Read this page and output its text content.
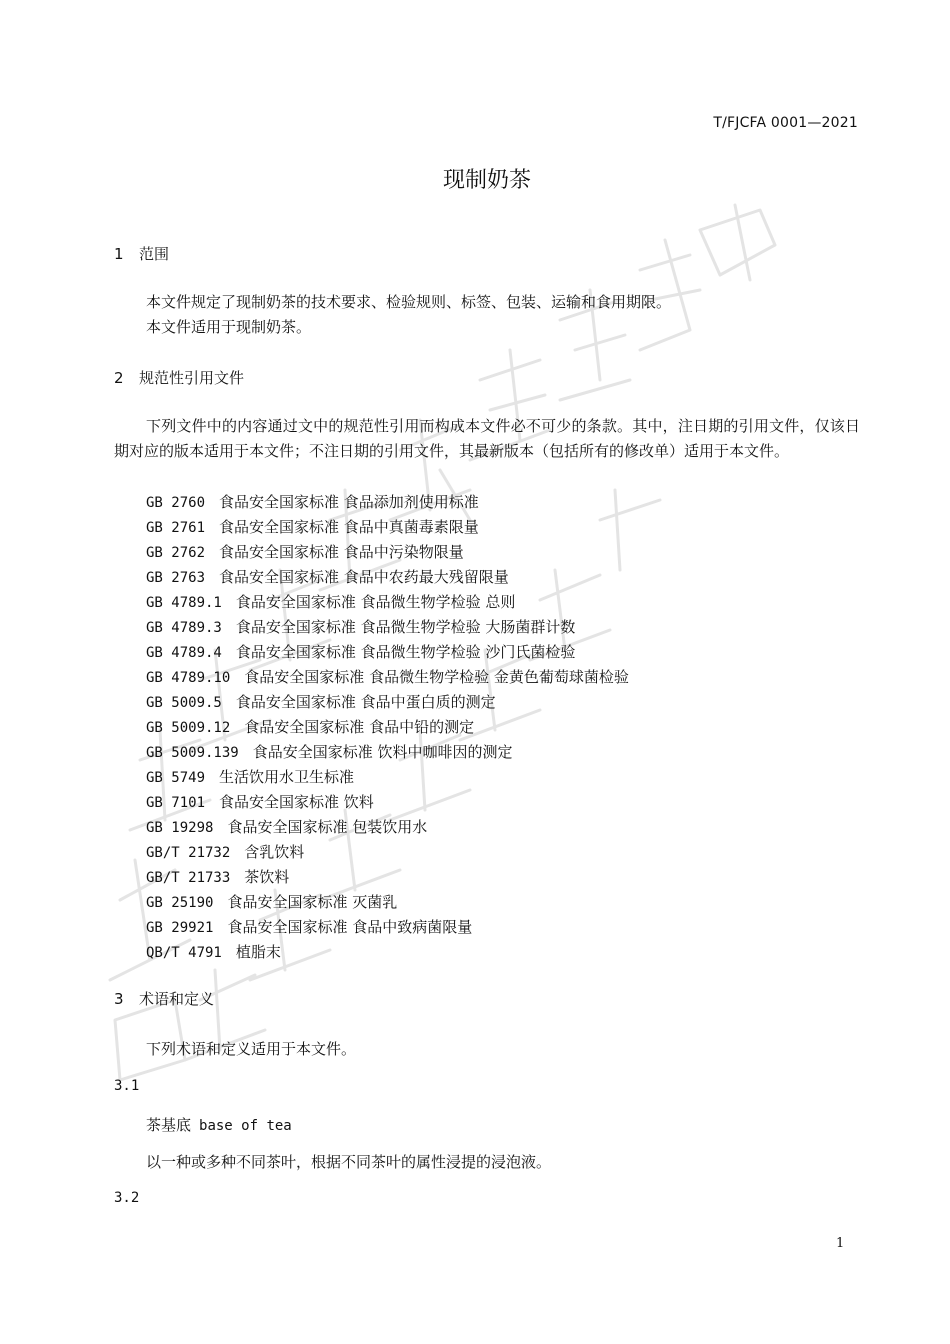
T/FJCFA 0001—2021
现制奶茶
1 范围
本文件规定了现制奶茶的技术要求、检验规则、标签、包装、运输和食用期限。
本文件适用于现制奶茶。
2 规范性引用文件
下列文件中的内容通过文中的规范性引用而构成本文件必不可少的条款。其中，注日期的引用文件，仅该日期对应的版本适用于本文件；不注日期的引用文件，其最新版本（包括所有的修改单）适用于本文件。
GB 2760 食品安全国家标准 食品添加剂使用标准
GB 2761 食品安全国家标准 食品中真菌毒素限量
GB 2762 食品安全国家标准 食品中污染物限量
GB 2763 食品安全国家标准 食品中农药最大残留限量
GB 4789.1 食品安全国家标准 食品微生物学检验 总则
GB 4789.3 食品安全国家标准 食品微生物学检验 大肠菌群计数
GB 4789.4 食品安全国家标准 食品微生物学检验 沙门氏菌检验
GB 4789.10 食品安全国家标准 食品微生物学检验 金黄色葡萄球菌检验
GB 5009.5 食品安全国家标准 食品中蛋白质的测定
GB 5009.12 食品安全国家标准 食品中铅的测定
GB 5009.139 食品安全国家标准 饮料中咖啡因的测定
GB 5749 生活饮用水卫生标准
GB 7101 食品安全国家标准 饮料
GB 19298 食品安全国家标准 包装饮用水
GB/T 21732 含乳饮料
GB/T 21733 茶饮料
GB 25190 食品安全国家标准 灭菌乳
GB 29921 食品安全国家标准 食品中致病菌限量
QB/T 4791 植脂末
3 术语和定义
下列术语和定义适用于本文件。
3.1
茶基底 base of tea
以一种或多种不同茶叶，根据不同茶叶的属性浸提的浸泡液。
3.2
1
